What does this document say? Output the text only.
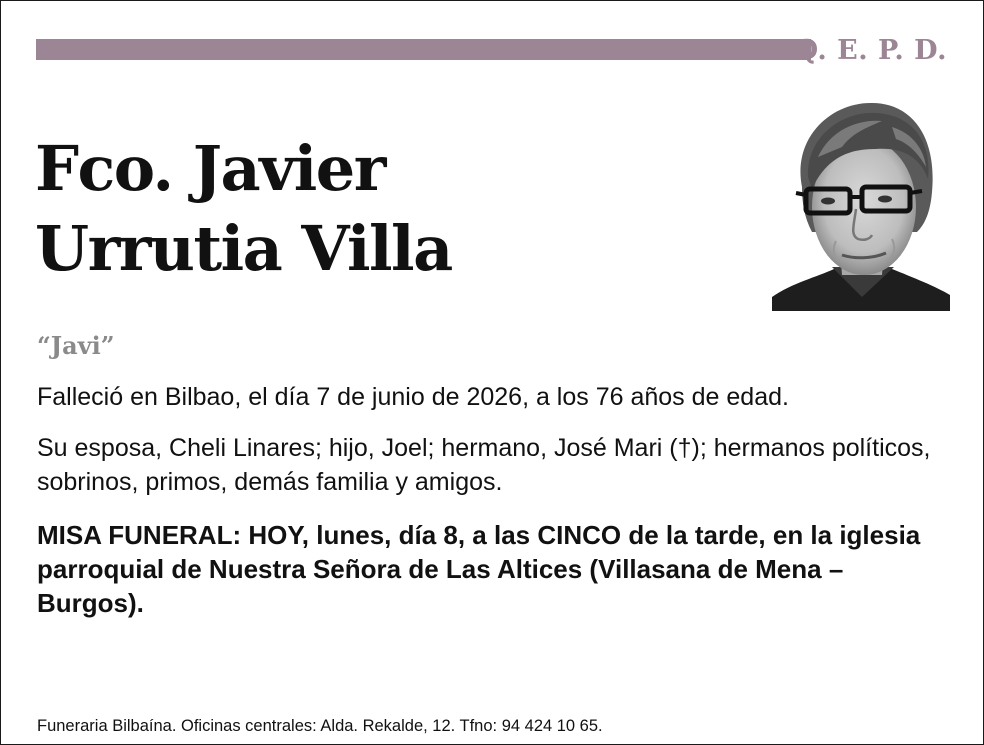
Q. E. P. D.
Fco. Javier
Urrutia Villa
“Javi”
Falleció en Bilbao, el día 7 de junio de 2026, a los 76 años de edad.
Su esposa, Cheli Linares; hijo, Joel; hermano, José Mari (†); hermanos políticos, sobrinos, primos, demás familia y amigos.
MISA FUNERAL: HOY, lunes, día 8, a las CINCO de la tarde, en la iglesia parroquial de Nuestra Señora de Las Altices (Villasana de Mena – Burgos).
Funeraria Bilbaína. Oficinas centrales: Alda. Rekalde, 12. Tfno: 94 424 10 65.
